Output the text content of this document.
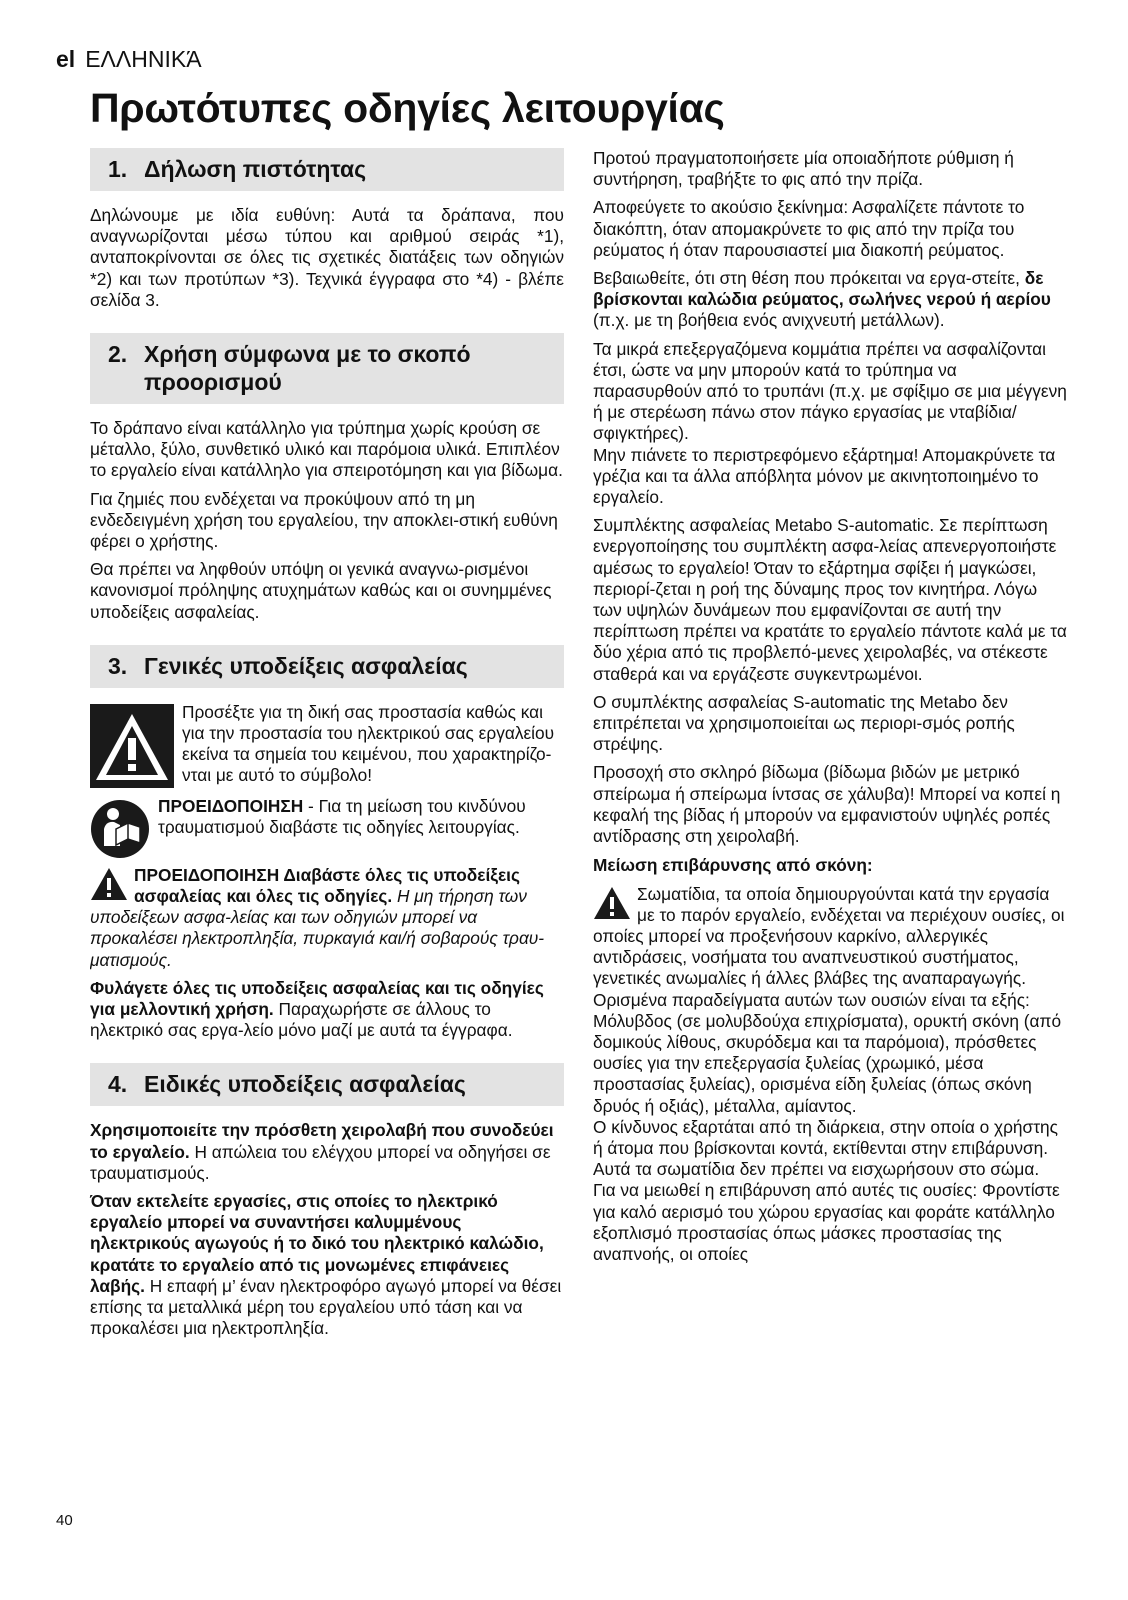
el ΕΛΛΗΝΙΚΆ
Πρωτότυπες οδηγίες λειτουργίας
1. Δήλωση πιστότητας

Δηλώνουμε με ιδία ευθύνη: Αυτά τα δράπανα, που αναγνωρίζονται μέσω τύπου και αριθμού σειράς *1), ανταποκρίνονται σε όλες τις σχετικές διατάξεις των οδηγιών *2) και των προτύπων *3). Τεχνικά έγγραφα στο *4) - βλέπε σελίδα 3.

2. Χρήση σύμφωνα με το σκοπό προορισμού

Το δράπανο είναι κατάλληλο για τρύπημα χωρίς κρούση σε μέταλλο, ξύλο, συνθετικό υλικό και παρόμοια υλικά. Επιπλέον το εργαλείο είναι κατάλληλο για σπειροτόμηση και για βίδωμα.

Για ζημιές που ενδέχεται να προκύψουν από τη μη ενδεδειγμένη χρήση του εργαλείου, την αποκλει-στική ευθύνη φέρει ο χρήστης.

Θα πρέπει να ληφθούν υπόψη οι γενικά αναγνω-ρισμένοι κανονισμοί πρόληψης ατυχημάτων καθώς και οι συνημμένες υποδείξεις ασφαλείας.

3. Γενικές υποδείξεις ασφαλείας

Προσέξτε για τη δική σας προστασία καθώς και για την προστασία του ηλεκτρικού σας εργαλείου εκείνα τα σημεία του κειμένου, που χαρακτηρίζο-νται με αυτό το σύμβολο!

ΠΡΟΕΙΔΟΠΟΙΗΣΗ - Για τη μείωση του κινδύνου τραυματισμού διαβάστε τις οδηγίες λειτουργίας.

ΠΡΟΕΙΔΟΠΟΙΗΣΗ Διαβάστε όλες τις υποδείξεις ασφαλείας και όλες τις οδηγίες. Η μη τήρηση των υποδείξεων ασφα-λείας και των οδηγιών μπορεί να προκαλέσει ηλεκτροπληξία, πυρκαγιά και/ή σοβαρούς τραυ-ματισμούς.

Φυλάγετε όλες τις υποδείξεις ασφαλείας και τις οδηγίες για μελλοντική χρήση. Παραχωρήστε σε άλλους το ηλεκτρικό σας εργα-λείο μόνο μαζί με αυτά τα έγγραφα.

4. Ειδικές υποδείξεις ασφαλείας

Χρησιμοποιείτε την πρόσθετη χειρολαβή που συνοδεύει το εργαλείο. Η απώλεια του ελέγχου μπορεί να οδηγήσει σε τραυματισμούς.

Όταν εκτελείτε εργασίες, στις οποίες το ηλεκτρικό εργαλείο μπορεί να συναντήσει καλυμμένους ηλεκτρικούς αγωγούς ή το δικό του ηλεκτρικό καλώδιο, κρατάτε το εργαλείο από τις μονωμένες επιφάνειες λαβής. Η επαφή μ’ έναν ηλεκτροφόρο αγωγό μπορεί να θέσει επίσης τα μεταλλικά μέρη του εργαλείου υπό τάση και να προκαλέσει μια ηλεκτροπληξία.

Προτού πραγματοποιήσετε μία οποιαδήποτε ρύθμιση ή συντήρηση, τραβήξτε το φις από την πρίζα.

Αποφεύγετε το ακούσιο ξεκίνημα: Ασφαλίζετε πάντοτε το διακόπτη, όταν απομακρύνετε το φις από την πρίζα του ρεύματος ή όταν παρουσιαστεί μια διακοπή ρεύματος.

Βεβαιωθείτε, ότι στη θέση που πρόκειται να εργα-στείτε, δε βρίσκονται καλώδια ρεύματος, σωλήνες νερού ή αερίου (π.χ. με τη βοήθεια ενός ανιχνευτή μετάλλων).

Τα μικρά επεξεργαζόμενα κομμάτια πρέπει να ασφαλίζονται έτσι, ώστε να μην μπορούν κατά το τρύπημα να παρασυρθούν από το τρυπάνι (π.χ. με σφίξιμο σε μια μέγγενη ή με στερέωση πάνω στον πάγκο εργασίας με νταβίδια/σφιγκτήρες).

Μην πιάνετε το περιστρεφόμενο εξάρτημα! Απομακρύνετε τα γρέζια και τα άλλα απόβλητα μόνον με ακινητοποιημένο το εργαλείο.

Συμπλέκτης ασφαλείας Metabo S-automatic. Σε περίπτωση ενεργοποίησης του συμπλέκτη ασφα-λείας απενεργοποιήστε αμέσως το εργαλείο! Όταν το εξάρτημα σφίξει ή μαγκώσει, περιορί-ζεται η ροή της δύναμης προς τον κινητήρα. Λόγω των υψηλών δυνάμεων που εμφανίζονται σε αυτή την περίπτωση πρέπει να κρατάτε το εργαλείο πάντοτε καλά με τα δύο χέρια από τις προβλεπό-μενες χειρολαβές, να στέκεστε σταθερά και να εργάζεστε συγκεντρωμένοι.

Ο συμπλέκτης ασφαλείας S-automatic της Metabo δεν επιτρέπεται να χρησιμοποιείται ως περιορι-σμός ροπής στρέψης.

Προσοχή στο σκληρό βίδωμα (βίδωμα βιδών με μετρικό σπείρωμα ή σπείρωμα ίντσας σε χάλυβα)! Μπορεί να κοπεί η κεφαλή της βίδας ή μπορούν να εμφανιστούν υψηλές ροπές αντίδρασης στη χειρολαβή.

Μείωση επιβάρυνσης από σκόνη:

Σωματίδια, τα οποία δημιουργούνται κατά την εργασία με το παρόν εργαλείο, ενδέχεται να περιέχουν ουσίες, οι οποίες μπορεί να προξενήσουν καρκίνο, αλλεργικές αντιδράσεις, νοσήματα του αναπνευστικού συστήματος, γενετικές ανωμαλίες ή άλλες βλάβες της αναπαραγωγής. Ορισμένα παραδείγματα αυτών των ουσιών είναι τα εξής: Μόλυβδος (σε μολυβδούχα επιχρίσματα), ορυκτή σκόνη (από δομικούς λίθους, σκυρόδεμα και τα παρόμοια), πρόσθετες ουσίες για την επεξεργασία ξυλείας (χρωμικό, μέσα προστασίας ξυλείας), ορισμένα είδη ξυλείας (όπως σκόνη δρυός ή οξιάς), μέταλλα, αμίαντος.

Ο κίνδυνος εξαρτάται από τη διάρκεια, στην οποία ο χρήστης ή άτομα που βρίσκονται κοντά, εκτίθενται στην επιβάρυνση.

Αυτά τα σωματίδια δεν πρέπει να εισχωρήσουν στο σώμα.

Για να μειωθεί η επιβάρυνση από αυτές τις ουσίες: Φροντίστε για καλό αερισμό του χώρου εργασίας και φοράτε κατάλληλο εξοπλισμό προστασίας όπως μάσκες προστασίας της αναπνοής, οι οποίες

40
